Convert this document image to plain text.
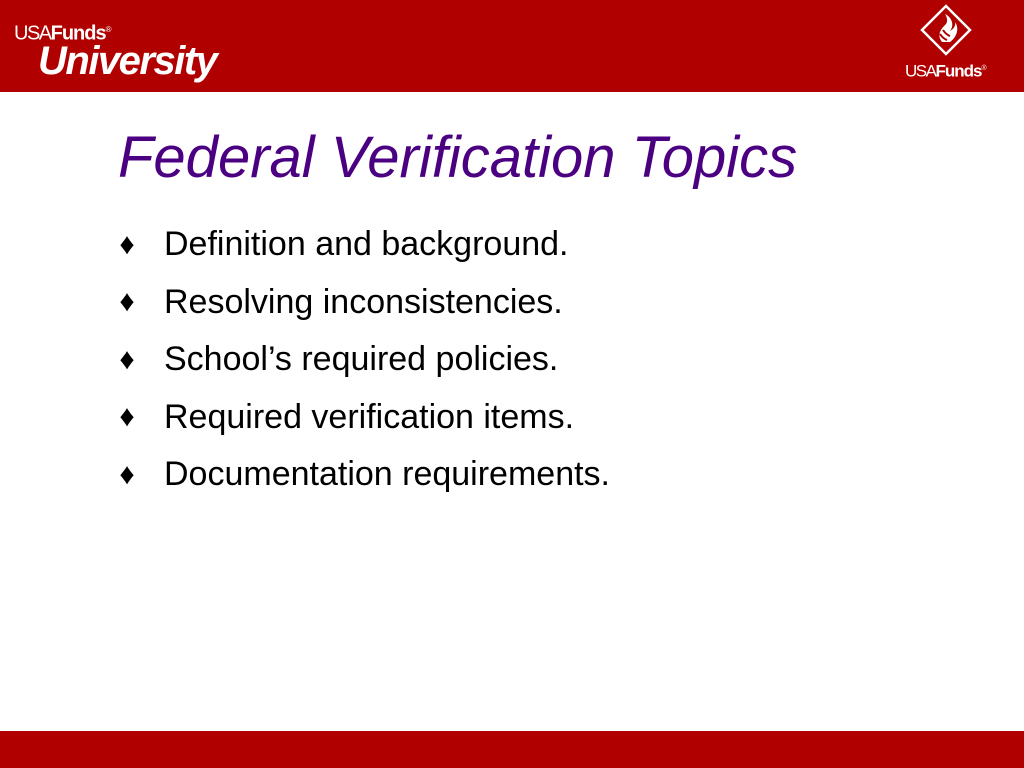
USAFunds®
University	USAFunds®
Federal Verification Topics
♦ Definition and background.
♦ Resolving inconsistencies.
♦ School’s required policies.
♦ Required verification items.
♦ Documentation requirements.
